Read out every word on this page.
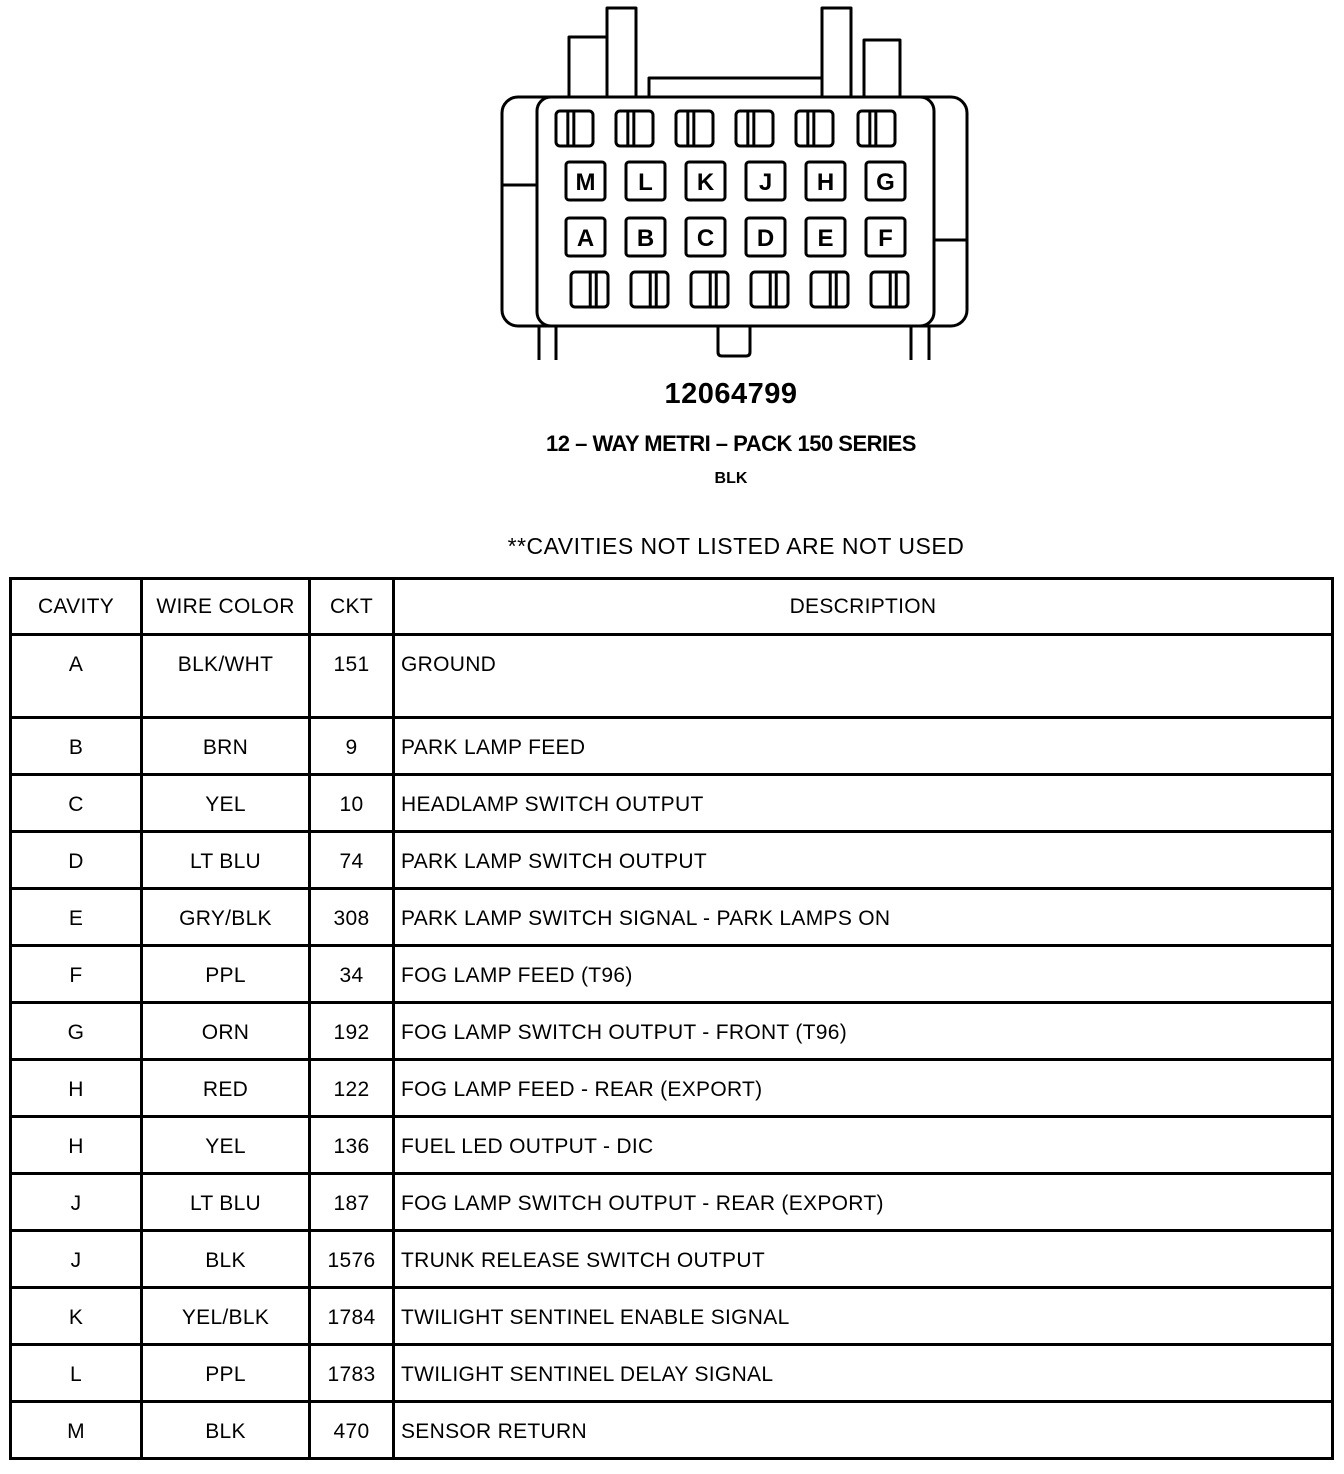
M L K J H G
A B C D E F
12064799
12 – WAY METRI – PACK 150 SERIES
BLK
**CAVITIES NOT LISTED ARE NOT USED
CAVITY	WIRE COLOR	CKT	DESCRIPTION
A	BLK/WHT	151	GROUND
B	BRN	9	PARK LAMP FEED
C	YEL	10	HEADLAMP SWITCH OUTPUT
D	LT BLU	74	PARK LAMP SWITCH OUTPUT
E	GRY/BLK	308	PARK LAMP SWITCH SIGNAL - PARK LAMPS ON
F	PPL	34	FOG LAMP FEED (T96)
G	ORN	192	FOG LAMP SWITCH OUTPUT - FRONT (T96)
H	RED	122	FOG LAMP FEED - REAR (EXPORT)
H	YEL	136	FUEL LED OUTPUT - DIC
J	LT BLU	187	FOG LAMP SWITCH OUTPUT - REAR (EXPORT)
J	BLK	1576	TRUNK RELEASE SWITCH OUTPUT
K	YEL/BLK	1784	TWILIGHT SENTINEL ENABLE SIGNAL
L	PPL	1783	TWILIGHT SENTINEL DELAY SIGNAL
M	BLK	470	SENSOR RETURN
